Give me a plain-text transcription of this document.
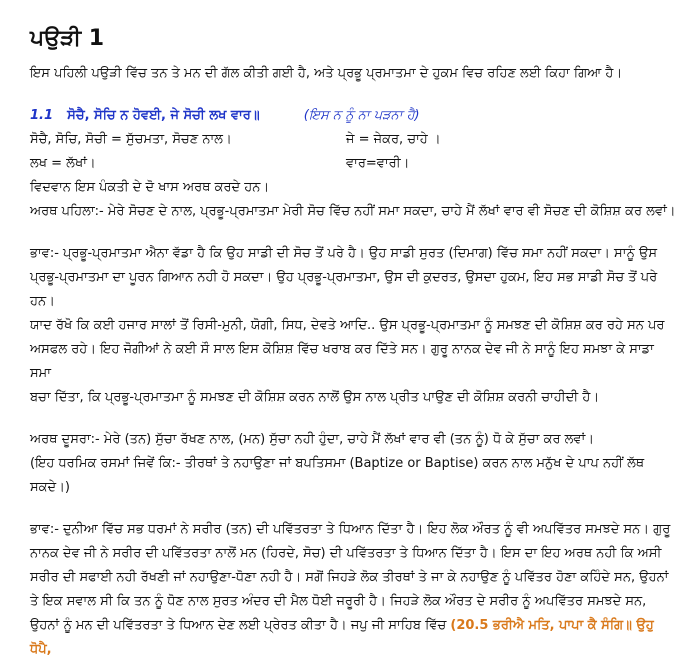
ਪਉੜੀ 1

ਇਸ ਪਹਿਲੀ ਪਉੜੀ ਵਿੱਚ ਤਨ ਤੇ ਮਨ ਦੀ ਗੱਲ ਕੀਤੀ ਗਈ ਹੈ, ਅਤੇ ਪ੍ਰਭੂ ਪ੍ਰਮਾਤਮਾ ਦੇ ਹੁਕਮ ਵਿਚ ਰਹਿਣ ਲਈ ਕਿਹਾ ਗਿਆ ਹੈ।

1.1 ਸੋਚੈ, ਸੋਚਿ ਨ ਹੋਵਈ, ਜੇ ਸੋਚੀ ਲਖ ਵਾਰ॥	(ਇਸ ਨ ਨੂੰ ਨਾ ਪੜਨਾ ਹੈ)

ਸੋਚੈ, ਸੋਚਿ, ਸੋਚੀ = ਸੁੱਚਮਤਾ, ਸੋਚਣ ਨਾਲ।	ਜੇ = ਜੇਕਰ, ਚਾਹੇ ।
ਲਖ = ਲੱਖਾਂ।	ਵਾਰ=ਵਾਰੀ।

ਵਿਦਵਾਨ ਇਸ ਪੰਕਤੀ ਦੇ ਦੋ ਖਾਸ ਅਰਥ ਕਰਦੇ ਹਨ।

ਅਰਥ ਪਹਿਲਾ:- ਮੇਰੇ ਸੋਚਣ ਦੇ ਨਾਲ, ਪ੍ਰਭੂ-ਪ੍ਰਮਾਤਮਾ ਮੇਰੀ ਸੋਚ ਵਿੱਚ ਨਹੀਂ ਸਮਾ ਸਕਦਾ, ਚਾਹੇ ਮੈਂ ਲੱਖਾਂ ਵਾਰ ਵੀ ਸੋਚਣ ਦੀ ਕੋਸ਼ਿਸ਼ ਕਰ ਲਵਾਂ।

ਭਾਵ:- ਪ੍ਰਭੂ-ਪ੍ਰਮਾਤਮਾ ਐਨਾ ਵੱਡਾ ਹੈ ਕਿ ਉਹ ਸਾਡੀ ਦੀ ਸੋਚ ਤੋਂ ਪਰੇ ਹੈ। ਉਹ ਸਾਡੀ ਸੁਰਤ (ਦਿਮਾਗ) ਵਿੱਚ ਸਮਾ ਨਹੀਂ ਸਕਦਾ। ਸਾਨੂੰ ਉਸ

ਪ੍ਰਭੂ-ਪ੍ਰਮਾਤਮਾ ਦਾ ਪੂਰਨ ਗਿਆਨ ਨਹੀ ਹੋ ਸਕਦਾ। ਉਹ ਪ੍ਰਭੂ-ਪ੍ਰਮਾਤਮਾ, ਉਸ ਦੀ ਕੁਦਰਤ, ਉਸਦਾ ਹੁਕਮ, ਇਹ ਸਭ ਸਾਡੀ ਸੋਚ ਤੋਂ ਪਰੇ ਹਨ।

ਯਾਦ ਰੱਖੋ ਕਿ ਕਈ ਹਜਾਰ ਸਾਲਾਂ ਤੋਂ ਰਿਸੀ-ਮੁਨੀ, ਯੋਗੀ, ਸਿਧ, ਦੇਵਤੇ ਆਦਿ.. ਉਸ ਪ੍ਰਭੂ-ਪ੍ਰਮਾਤਮਾ ਨੂੰ ਸਮਝਣ ਦੀ ਕੋਸ਼ਿਸ਼ ਕਰ ਰਹੇ ਸਨ ਪਰ

ਅਸਫਲ ਰਹੇ। ਇਹ ਜੋਗੀਆਂ ਨੇ ਕਈ ਸੌ ਸਾਲ ਇਸ ਕੋਸ਼ਿਸ਼ ਵਿੱਚ ਖਰਾਬ ਕਰ ਦਿੱਤੇ ਸਨ। ਗੁਰੂ ਨਾਨਕ ਦੇਵ ਜੀ ਨੇ ਸਾਨੂੰ ਇਹ ਸਮਝਾ ਕੇ ਸਾਡਾ ਸਮਾ

ਬਚਾ ਦਿੱਤਾ, ਕਿ ਪ੍ਰਭੂ-ਪ੍ਰਮਾਤਮਾ ਨੂੰ ਸਮਝਣ ਦੀ ਕੋਸ਼ਿਸ਼ ਕਰਨ ਨਾਲੋਂ ਉਸ ਨਾਲ ਪ੍ਰੀਤ ਪਾਉਣ ਦੀ ਕੋਸ਼ਿਸ਼ ਕਰਨੀ ਚਾਹੀਦੀ ਹੈ।

ਅਰਥ ਦੂਸਰਾ:- ਮੇਰੇ (ਤਨ) ਸੁੱਚਾ ਰੱਖਣ ਨਾਲ, (ਮਨ) ਸੁੱਚਾ ਨਹੀ ਹੁੰਦਾ, ਚਾਹੇ ਮੈਂ ਲੱਖਾਂ ਵਾਰ ਵੀ (ਤਨ ਨੂੰ) ਧੋ ਕੇ ਸੁੱਚਾ ਕਰ ਲਵਾਂ।

(ਇਹ ਧਰਮਿਕ ਰਸਮਾਂ ਜਿਵੇਂ ਕਿ:- ਤੀਰਥਾਂ ਤੇ ਨਹਾਉਣਾ ਜਾਂ ਬਪਤਿਸਮਾ (Baptize or Baptise) ਕਰਨ ਨਾਲ ਮਨੁੱਖ ਦੇ ਪਾਪ ਨਹੀਂ ਲੱਥ

ਸਕਦੇ।)

ਭਾਵ:- ਦੁਨੀਆ ਵਿੱਚ ਸਭ ਧਰਮਾਂ ਨੇ ਸਰੀਰ (ਤਨ) ਦੀ ਪਵਿੱਤਰਤਾ ਤੇ ਧਿਆਨ ਦਿੱਤਾ ਹੈ। ਇਹ ਲੋਕ ਔਰਤ ਨੂੰ ਵੀ ਅਪਵਿੱਤਰ ਸਮਝਦੇ ਸਨ। ਗੁਰੂ

ਨਾਨਕ ਦੇਵ ਜੀ ਨੇ ਸਰੀਰ ਦੀ ਪਵਿੱਤਰਤਾ ਨਾਲੋਂ ਮਨ (ਹਿਰਦੇ, ਸੋਚ) ਦੀ ਪਵਿੱਤਰਤਾ ਤੇ ਧਿਆਨ ਦਿੱਤਾ ਹੈ। ਇਸ ਦਾ ਇਹ ਅਰਥ ਨਹੀ ਕਿ ਅਸੀ

ਸਰੀਰ ਦੀ ਸਫਾਈ ਨਹੀ ਰੱਖਣੀ ਜਾਂ ਨਹਾਉਣਾ-ਧੋਣਾ ਨਹੀ ਹੈ। ਸਗੋਂ ਜਿਹੜੇ ਲੋਕ ਤੀਰਥਾਂ ਤੇ ਜਾ ਕੇ ਨਹਾਉਣ ਨੂੰ ਪਵਿੱਤਰ ਹੋਣਾ ਕਹਿੰਦੇ ਸਨ, ਉਹਨਾਂ

ਤੇ ਇਕ ਸਵਾਲ ਸੀ ਕਿ ਤਨ ਨੂੰ ਧੋਣ ਨਾਲ ਸੁਰਤ ਅੰਦਰ ਦੀ ਮੈਲ ਧੋਈ ਜਰੂਰੀ ਹੈ। ਜਿਹੜੇ ਲੋਕ ਔਰਤ ਦੇ ਸਰੀਰ ਨੂੰ ਅਪਵਿੱਤਰ ਸਮਝਦੇ ਸਨ,

ਉਹਨਾਂ ਨੂੰ ਮਨ ਦੀ ਪਵਿੱਤਰਤਾ ਤੇ ਧਿਆਨ ਦੇਣ ਲਈ ਪ੍ਰੇਰਤ ਕੀਤਾ ਹੈ। ਜਪੁ ਜੀ ਸਾਹਿਬ ਵਿੱਚ (20.5 ਭਰੀਐ ਮਤਿ, ਪਾਪਾ ਕੈ ਸੰਗਿ॥ ਉਹੁ ਧੋਪੈ,
